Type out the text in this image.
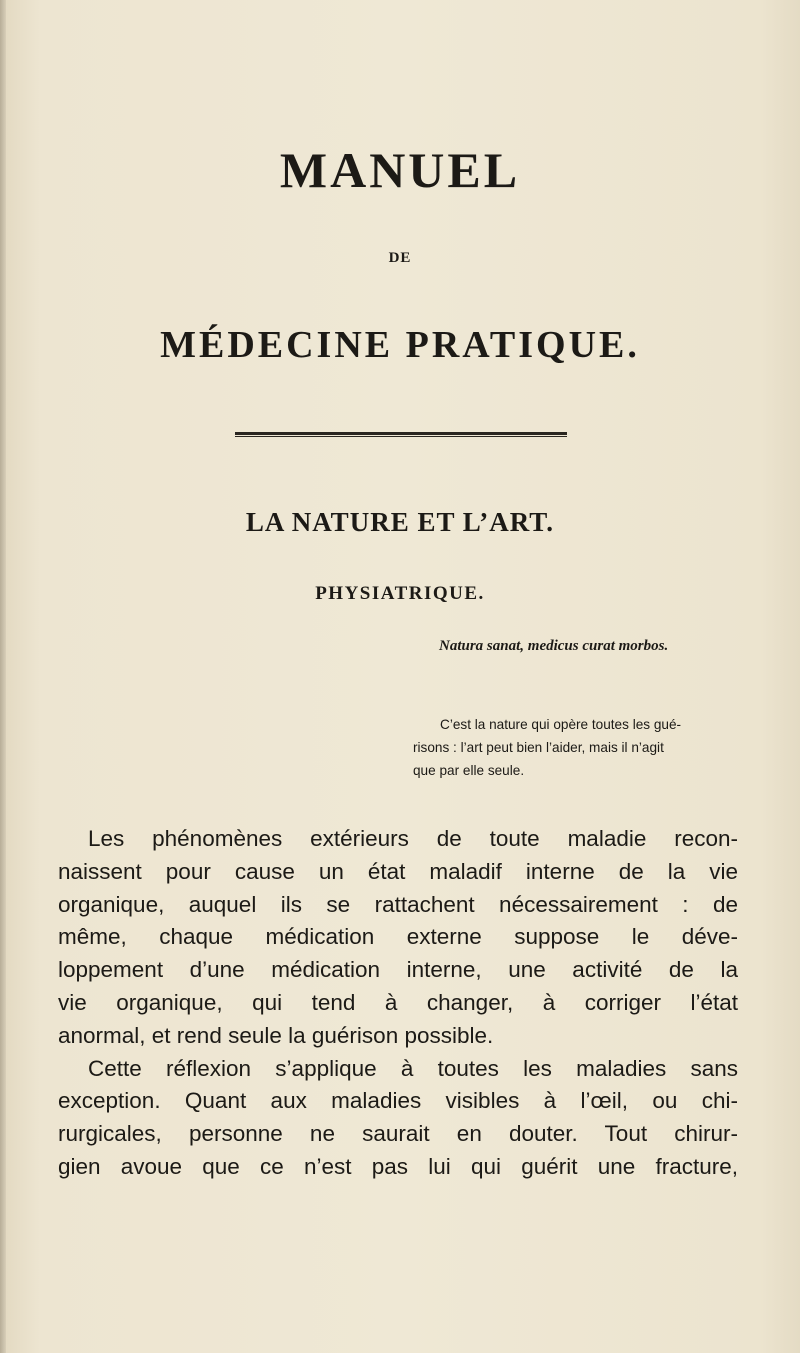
MANUEL
DE
MÉDECINE PRATIQUE.
LA NATURE ET L’ART.
PHYSIATRIQUE.
Natura sanat, medicus curat morbos.
C’est la nature qui opère toutes les gué-
risons : l’art peut bien l’aider, mais il n’agit
que par elle seule.
Les phénomènes extérieurs de toute maladie recon-
naissent pour cause un état maladif interne de la vie
organique, auquel ils se rattachent nécessairement : de
même, chaque médication externe suppose le déve-
loppement d’une médication interne, une activité de la
vie organique, qui tend à changer, à corriger l’état
anormal, et rend seule la guérison possible.
Cette réflexion s’applique à toutes les maladies sans
exception. Quant aux maladies visibles à l’œil, ou chi-
rurgicales, personne ne saurait en douter. Tout chirur-
gien avoue que ce n’est pas lui qui guérit une fracture,
